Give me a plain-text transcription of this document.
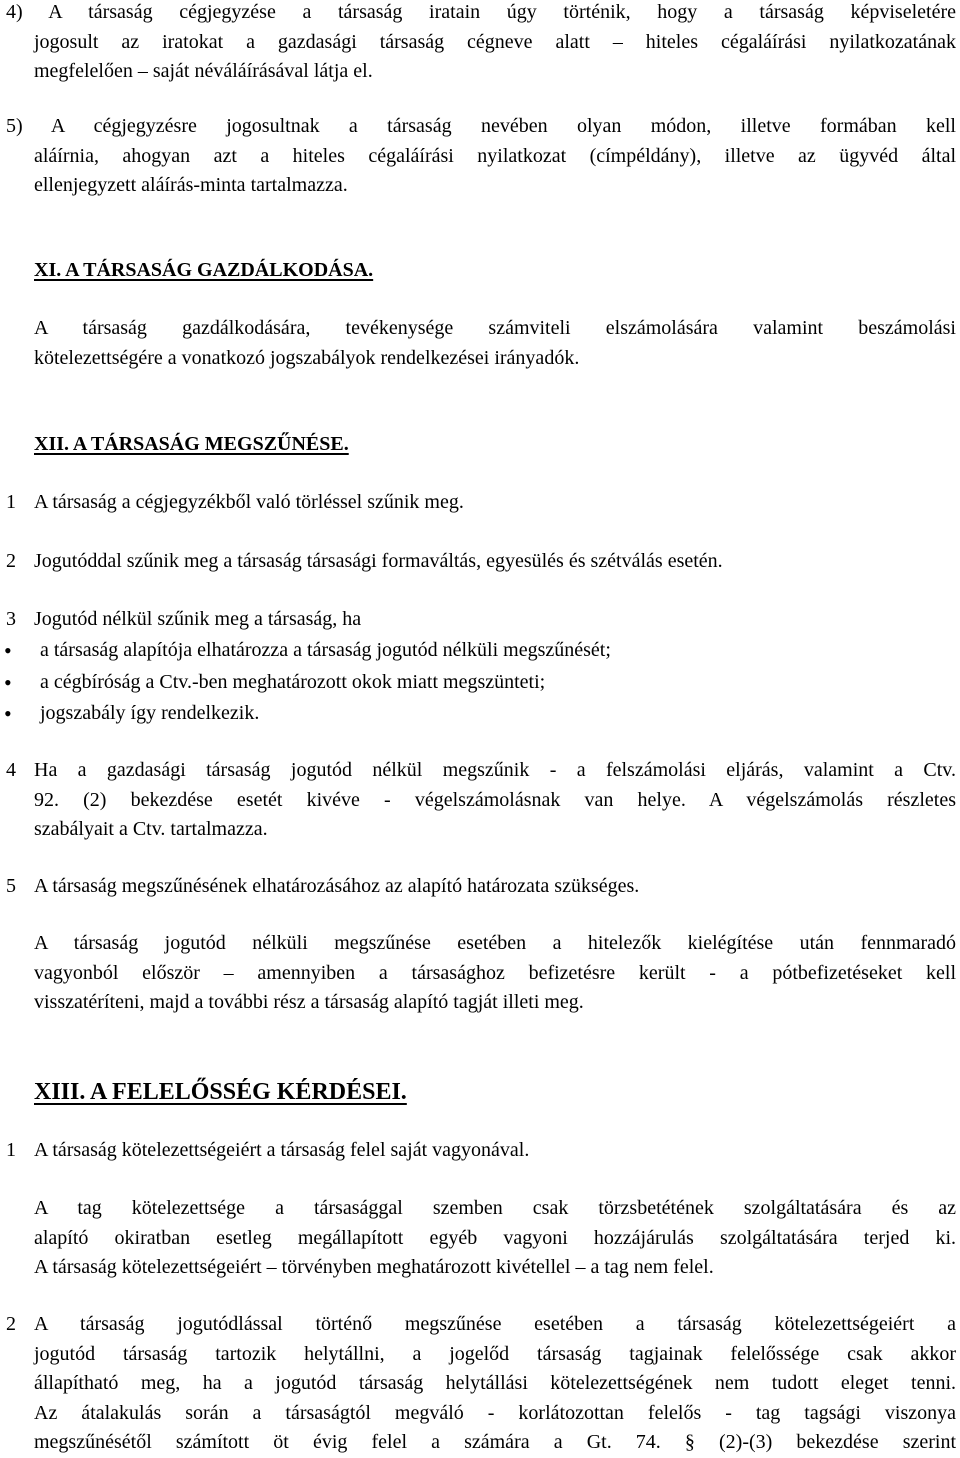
4) A társaság cégjegyzése a társaság iratain úgy történik, hogy a társaság képviseletére
jogosult az iratokat a gazdasági társaság cégneve alatt – hiteles cégaláírási nyilatkozatának
megfelelően – saját néváláírásával látja el.
5) A cégjegyzésre jogosultnak a társaság nevében olyan módon, illetve formában kell
aláírnia, ahogyan azt a hiteles cégaláírási nyilatkozat (címpéldány), illetve az ügyvéd által
ellenjegyzett aláírás-minta tartalmazza.
XI. A TÁRSASÁG GAZDÁLKODÁSA.
A társaság gazdálkodására, tevékenysége számviteli elszámolására valamint beszámolási
kötelezettségére a vonatkozó jogszabályok rendelkezései irányadók.
XII. A TÁRSASÁG MEGSZŰNÉSE.
1 A társaság a cégjegyzékből való törléssel szűnik meg.
2 Jogutóddal szűnik meg a társaság társasági formaváltás, egyesülés és szétválás esetén.
3 Jogutód nélkül szűnik meg a társaság, ha
• a társaság alapítója elhatározza a társaság jogutód nélküli megszűnését;
• a cégbíróság a Ctv.-ben meghatározott okok miatt megszünteti;
• jogszabály így rendelkezik.
4 Ha a gazdasági társaság jogutód nélkül megszűnik - a felszámolási eljárás, valamint a Ctv.
92. (2) bekezdése esetét kivéve - végelszámolásnak van helye. A végelszámolás részletes
szabályait a Ctv. tartalmazza.
5 A társaság megszűnésének elhatározásához az alapító határozata szükséges.
A társaság jogutód nélküli megszűnése esetében a hitelezők kielégítése után fennmaradó
vagyonból először – amennyiben a társasághoz befizetésre került - a pótbefizetéseket kell
visszatéríteni, majd a további rész a társaság alapító tagját illeti meg.
XIII. A FELELŐSSÉG KÉRDÉSEI.
1 A társaság kötelezettségeiért a társaság felel saját vagyonával.
A tag kötelezettsége a társasággal szemben csak törzsbetétének szolgáltatására és az
alapító okiratban esetleg megállapított egyéb vagyoni hozzájárulás szolgáltatására terjed ki.
A társaság kötelezettségeiért – törvényben meghatározott kivétellel – a tag nem felel.
2 A társaság jogutódlással történő megszűnése esetében a társaság kötelezettségeiért a
jogutód társaság tartozik helytállni, a jogelőd társaság tagjainak felelőssége csak akkor
állapítható meg, ha a jogutód társaság helytállási kötelezettségének nem tudott eleget tenni.
Az átalakulás során a társaságtól megváló - korlátozottan felelős - tag tagsági viszonya
megszűnésétől számított öt évig felel a számára a Gt. 74. § (2)-(3) bekezdése szerint
